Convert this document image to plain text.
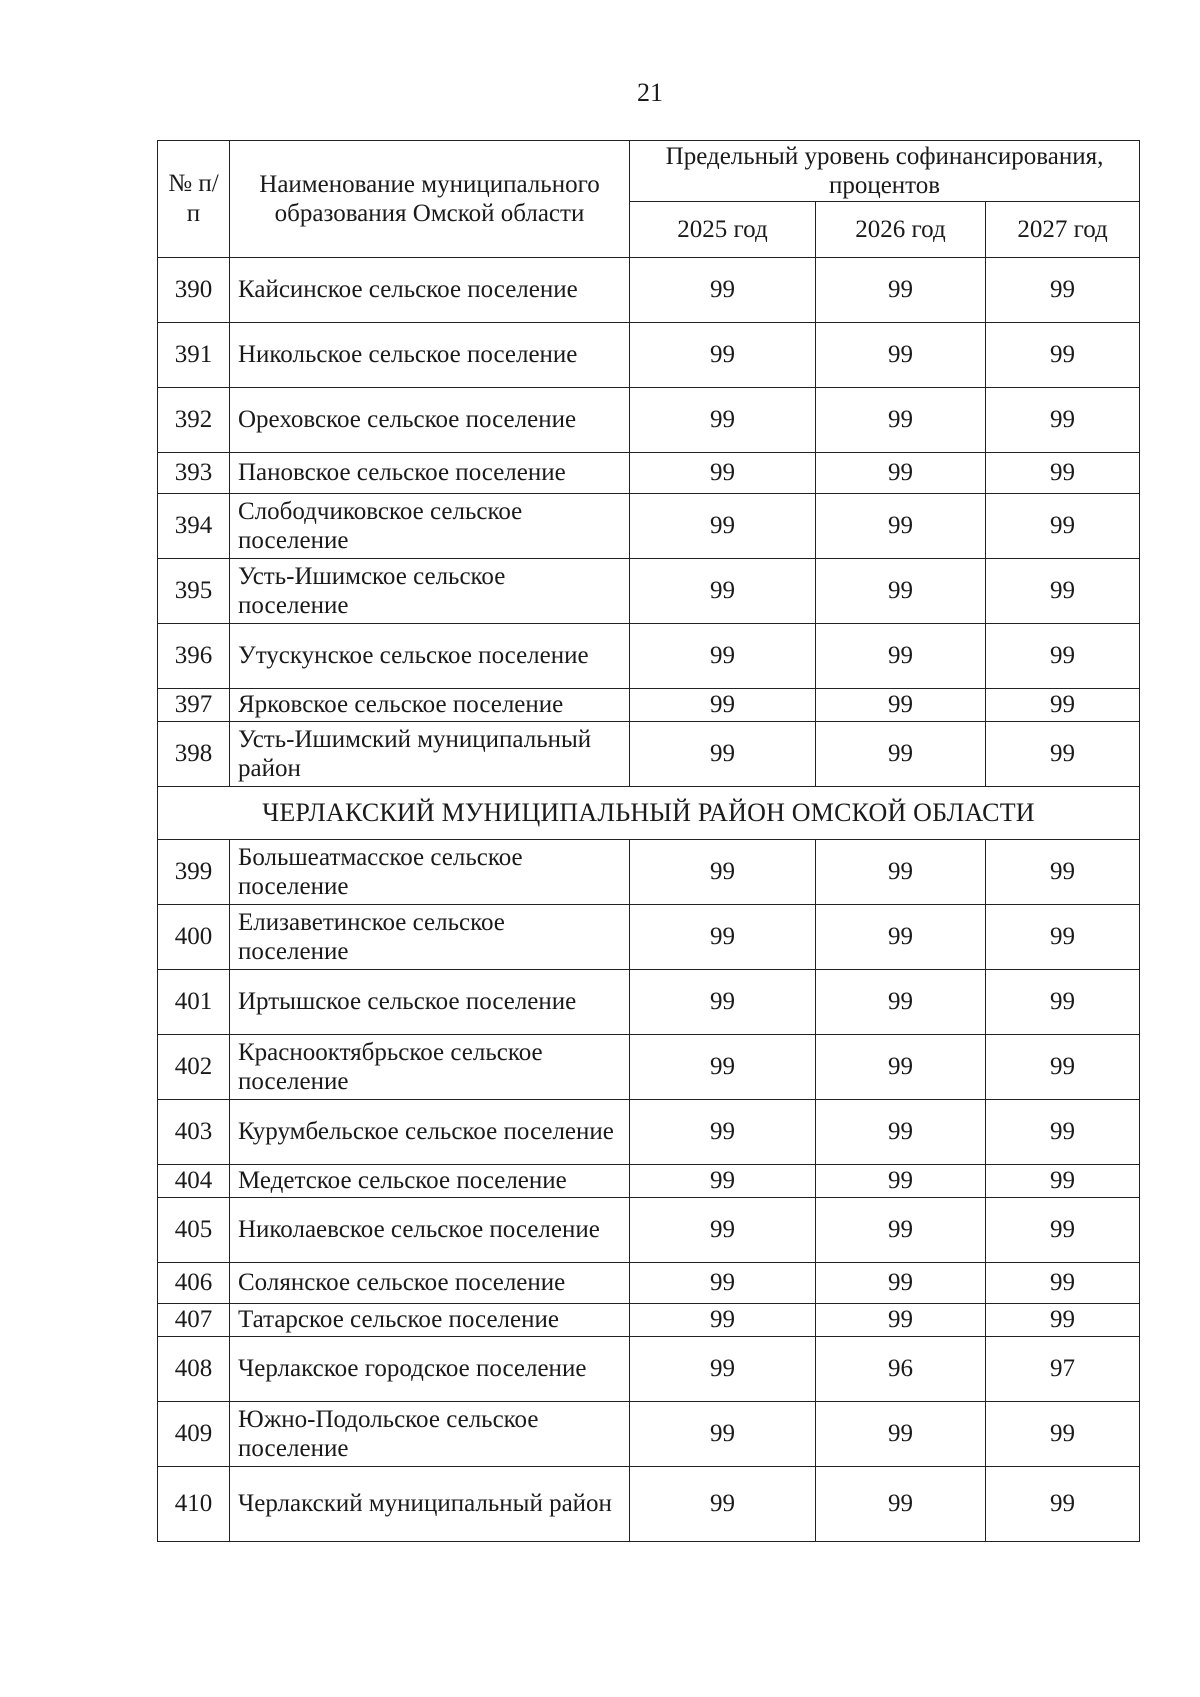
21
№ п/п	Наименование муниципального образования Омской области	Предельный уровень софинансирования, процентов		
		2025 год	2026 год	2027 год
390	Кайсинское сельское поселение	99	99	99
391	Никольское сельское поселение	99	99	99
392	Ореховское сельское поселение	99	99	99
393	Пановское сельское поселение	99	99	99
394	Слободчиковское сельское поселение	99	99	99
395	Усть-Ишимское сельское поселение	99	99	99
396	Утускунское сельское поселение	99	99	99
397	Ярковское сельское поселение	99	99	99
398	Усть-Ишимский муниципальный район	99	99	99
ЧЕРЛАКСКИЙ МУНИЦИПАЛЬНЫЙ РАЙОН ОМСКОЙ ОБЛАСТИ				
399	Большеатмасское сельское поселение	99	99	99
400	Елизаветинское сельское поселение	99	99	99
401	Иртышское сельское поселение	99	99	99
402	Краснооктябрьское сельское поселение	99	99	99
403	Курумбельское сельское поселение	99	99	99
404	Медетское сельское поселение	99	99	99
405	Николаевское сельское поселение	99	99	99
406	Солянское сельское поселение	99	99	99
407	Татарское сельское поселение	99	99	99
408	Черлакское городское поселение	99	96	97
409	Южно-Подольское сельское поселение	99	99	99
410	Черлакский муниципальный район	99	99	99
